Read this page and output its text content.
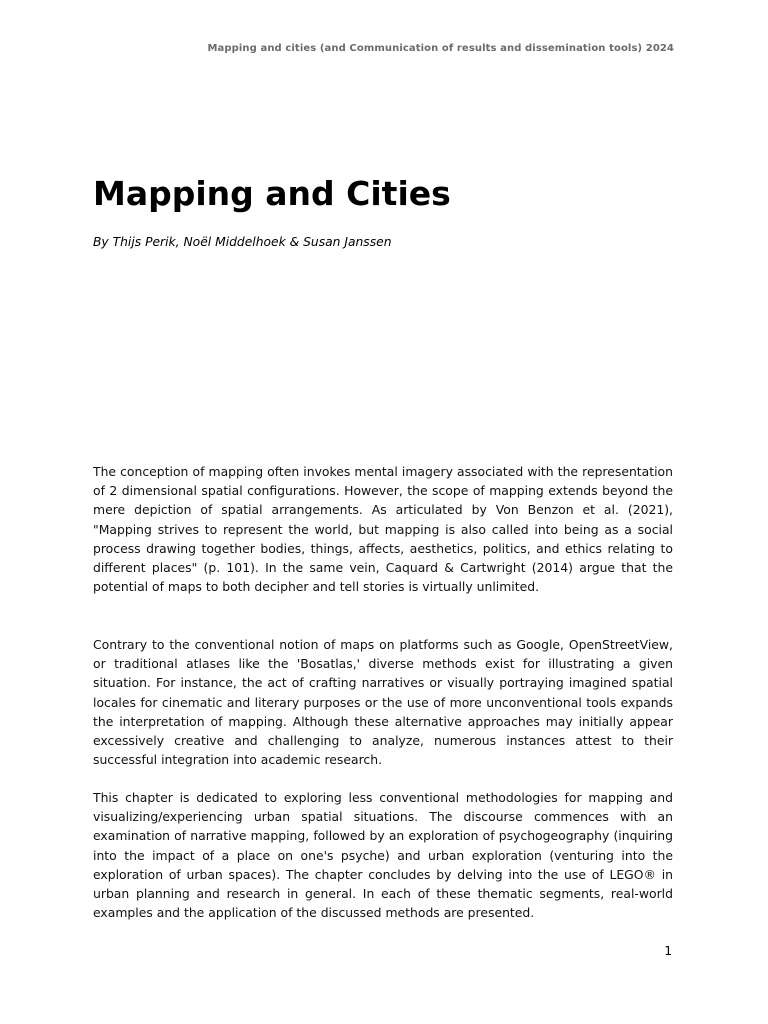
Mapping and cities (and Communication of results and dissemination tools) 2024
Mapping and Cities

By Thijs Perik, Noël Middelhoek & Susan Janssen

The conception of mapping often invokes mental imagery associated with the representation of 2 dimensional spatial configurations. However, the scope of mapping extends beyond the mere depiction of spatial arrangements. As articulated by Von Benzon et al. (2021), "Mapping strives to represent the world, but mapping is also called into being as a social process drawing together bodies, things, affects, aesthetics, politics, and ethics relating to different places" (p. 101). In the same vein, Caquard & Cartwright (2014) argue that the potential of maps to both decipher and tell stories is virtually unlimited.

Contrary to the conventional notion of maps on platforms such as Google, OpenStreetView, or traditional atlases like the 'Bosatlas,' diverse methods exist for illustrating a given situation. For instance, the act of crafting narratives or visually portraying imagined spatial locales for cinematic and literary purposes or the use of more unconventional tools expands the interpretation of mapping. Although these alternative approaches may initially appear excessively creative and challenging to analyze, numerous instances attest to their successful integration into academic research.

This chapter is dedicated to exploring less conventional methodologies for mapping and visualizing/experiencing urban spatial situations. The discourse commences with an examination of narrative mapping, followed by an exploration of psychogeography (inquiring into the impact of a place on one's psyche) and urban exploration (venturing into the exploration of urban spaces). The chapter concludes by delving into the use of LEGO® in urban planning and research in general. In each of these thematic segments, real-world examples and the application of the discussed methods are presented.

1
